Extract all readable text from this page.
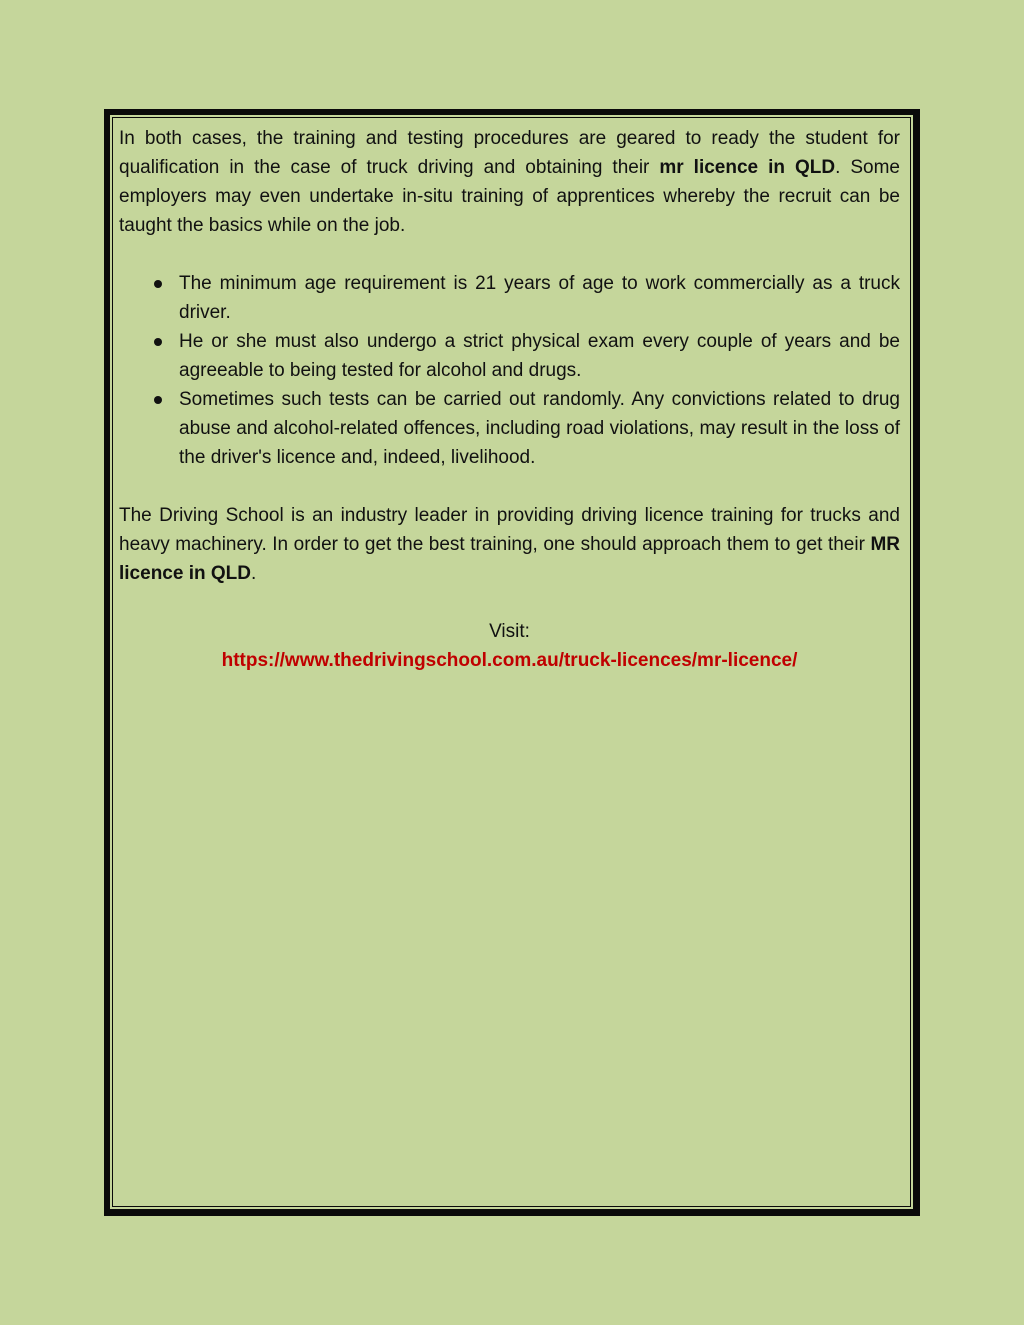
In both cases, the training and testing procedures are geared to ready the student for qualification in the case of truck driving and obtaining their mr licence in QLD. Some employers may even undertake in-situ training of apprentices whereby the recruit can be taught the basics while on the job.

The minimum age requirement is 21 years of age to work commercially as a truck driver.
He or she must also undergo a strict physical exam every couple of years and be agreeable to being tested for alcohol and drugs.
Sometimes such tests can be carried out randomly. Any convictions related to drug abuse and alcohol-related offences, including road violations, may result in the loss of the driver's licence and, indeed, livelihood.

The Driving School is an industry leader in providing driving licence training for trucks and heavy machinery. In order to get the best training, one should approach them to get their MR licence in QLD.

Visit:

https://www.thedrivingschool.com.au/truck-licences/mr-licence/
